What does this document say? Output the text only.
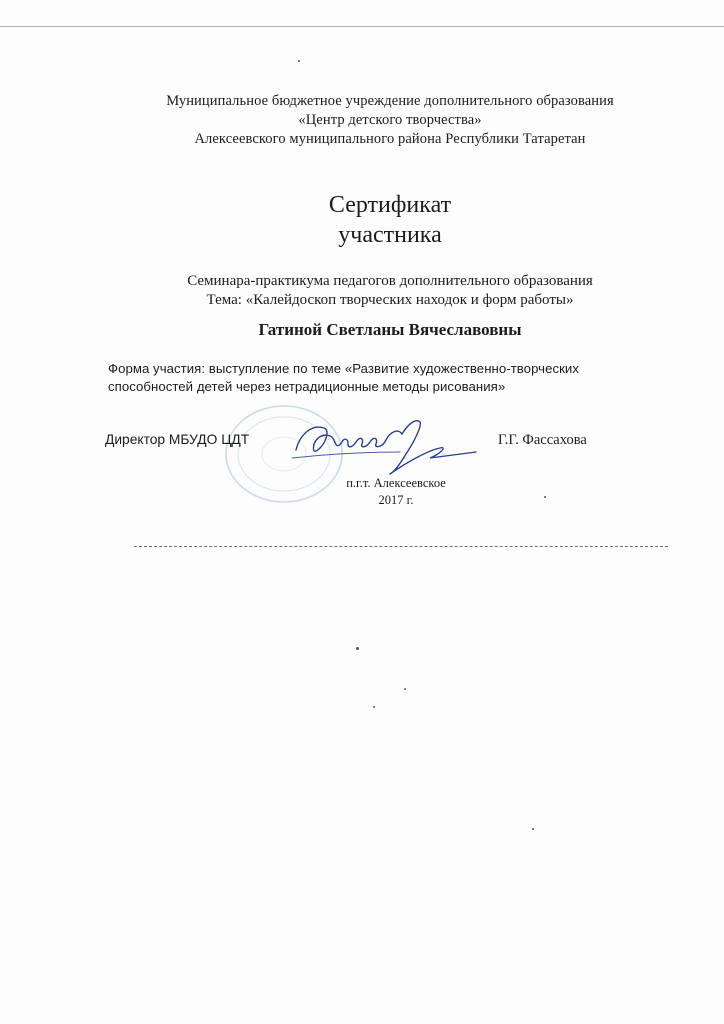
Муниципальное бюджетное учреждение дополнительного образования
«Центр детского творчества»
Алексеевского муниципального района Республики Татаретан
Сертификат
участника
Семинара-практикума педагогов дополнительного образования
Тема: «Калейдоскоп творческих находок и форм работы»
Гатиной Светланы Вячеславовны
Форма участия: выступление по теме «Развитие художественно-творческих
способностей детей через нетрадиционные методы рисования»
Директор МБУДО ЦДТ	Г.Г. Фассахова
п.г.т. Алексеевское
2017 г.
